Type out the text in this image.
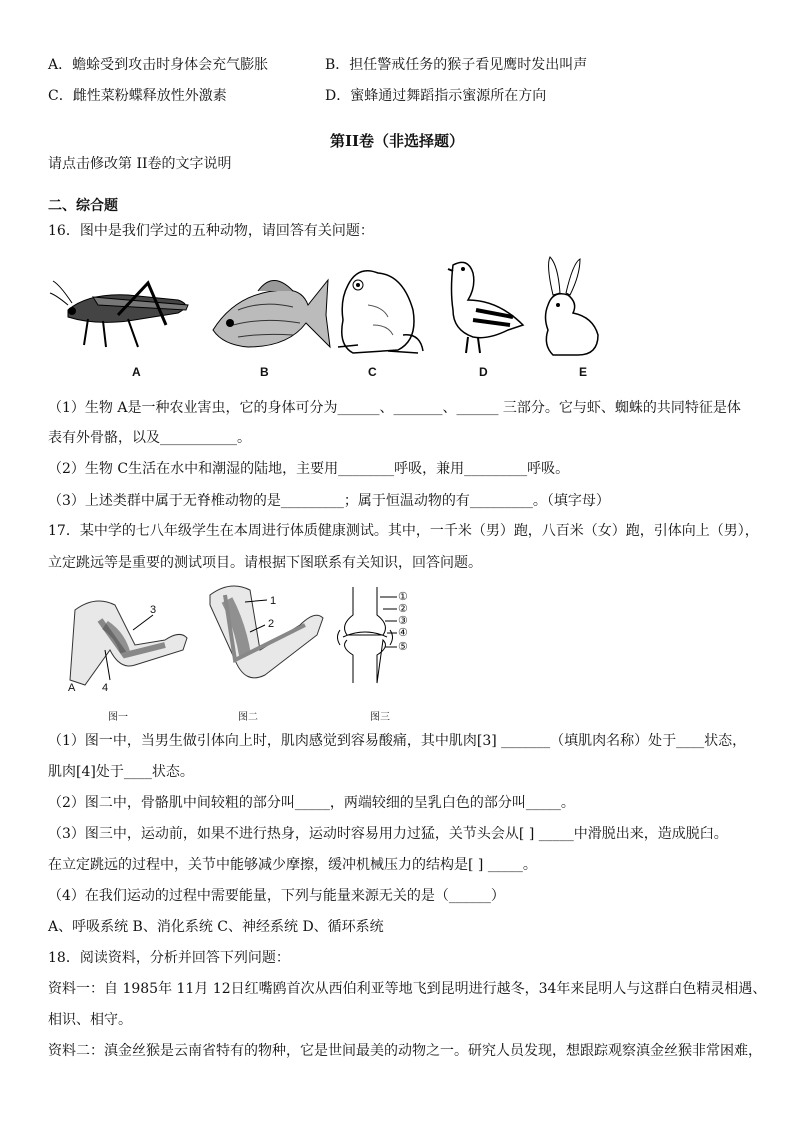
A．蟾蜍受到攻击时身体会充气膨胀	B．担任警戒任务的猴子看见鹰时发出叫声
C．雌性菜粉蝶释放性外激素	D．蜜蜂通过舞蹈指示蜜源所在方向
第II卷（非选择题）
请点击修改第 II卷的文字说明
二、综合题
16．图中是我们学过的五种动物，请回答有关问题：
A	B	C	D	E
（1）生物 A是一种农业害虫，它的身体可分为______、_______、______ 三部分。它与虾、蜘蛛的共同特征是体
表有外骨骼，以及___________。
（2）生物 C生活在水中和潮湿的陆地，主要用________呼吸，兼用_________呼吸。
（3）上述类群中属于无脊椎动物的是_________；属于恒温动物的有_________。（填字母）
17．某中学的七八年级学生在本周进行体质健康测试。其中，一千米（男）跑，八百米（女）跑，引体向上（男），
立定跳远等是重要的测试项目。请根据下图联系有关知识，回答问题。
3
A 4
1
2
①
②
③
④
⑤
图一	图二	图三
（1）图一中，当男生做引体向上时，肌肉感觉到容易酸痛，其中肌肉[3] _______（填肌肉名称）处于____状态，
肌肉[4]处于____状态。
（2）图二中，骨骼肌中间较粗的部分叫_____，两端较细的呈乳白色的部分叫_____。
（3）图三中，运动前，如果不进行热身，运动时容易用力过猛，关节头会从[ ] _____中滑脱出来，造成脱臼。
在立定跳远的过程中，关节中能够减少摩擦，缓冲机械压力的结构是[ ] _____。
（4）在我们运动的过程中需要能量，下列与能量来源无关的是（______）
A、呼吸系统 B、消化系统 C、神经系统 D、循环系统
18．阅读资料，分析并回答下列问题：
资料一：自 1985年 11月 12日红嘴鸥首次从西伯利亚等地飞到昆明进行越冬，34年来昆明人与这群白色精灵相遇、
相识、相守。
资料二：滇金丝猴是云南省特有的物种，它是世间最美的动物之一。研究人员发现，想跟踪观察滇金丝猴非常困难，
